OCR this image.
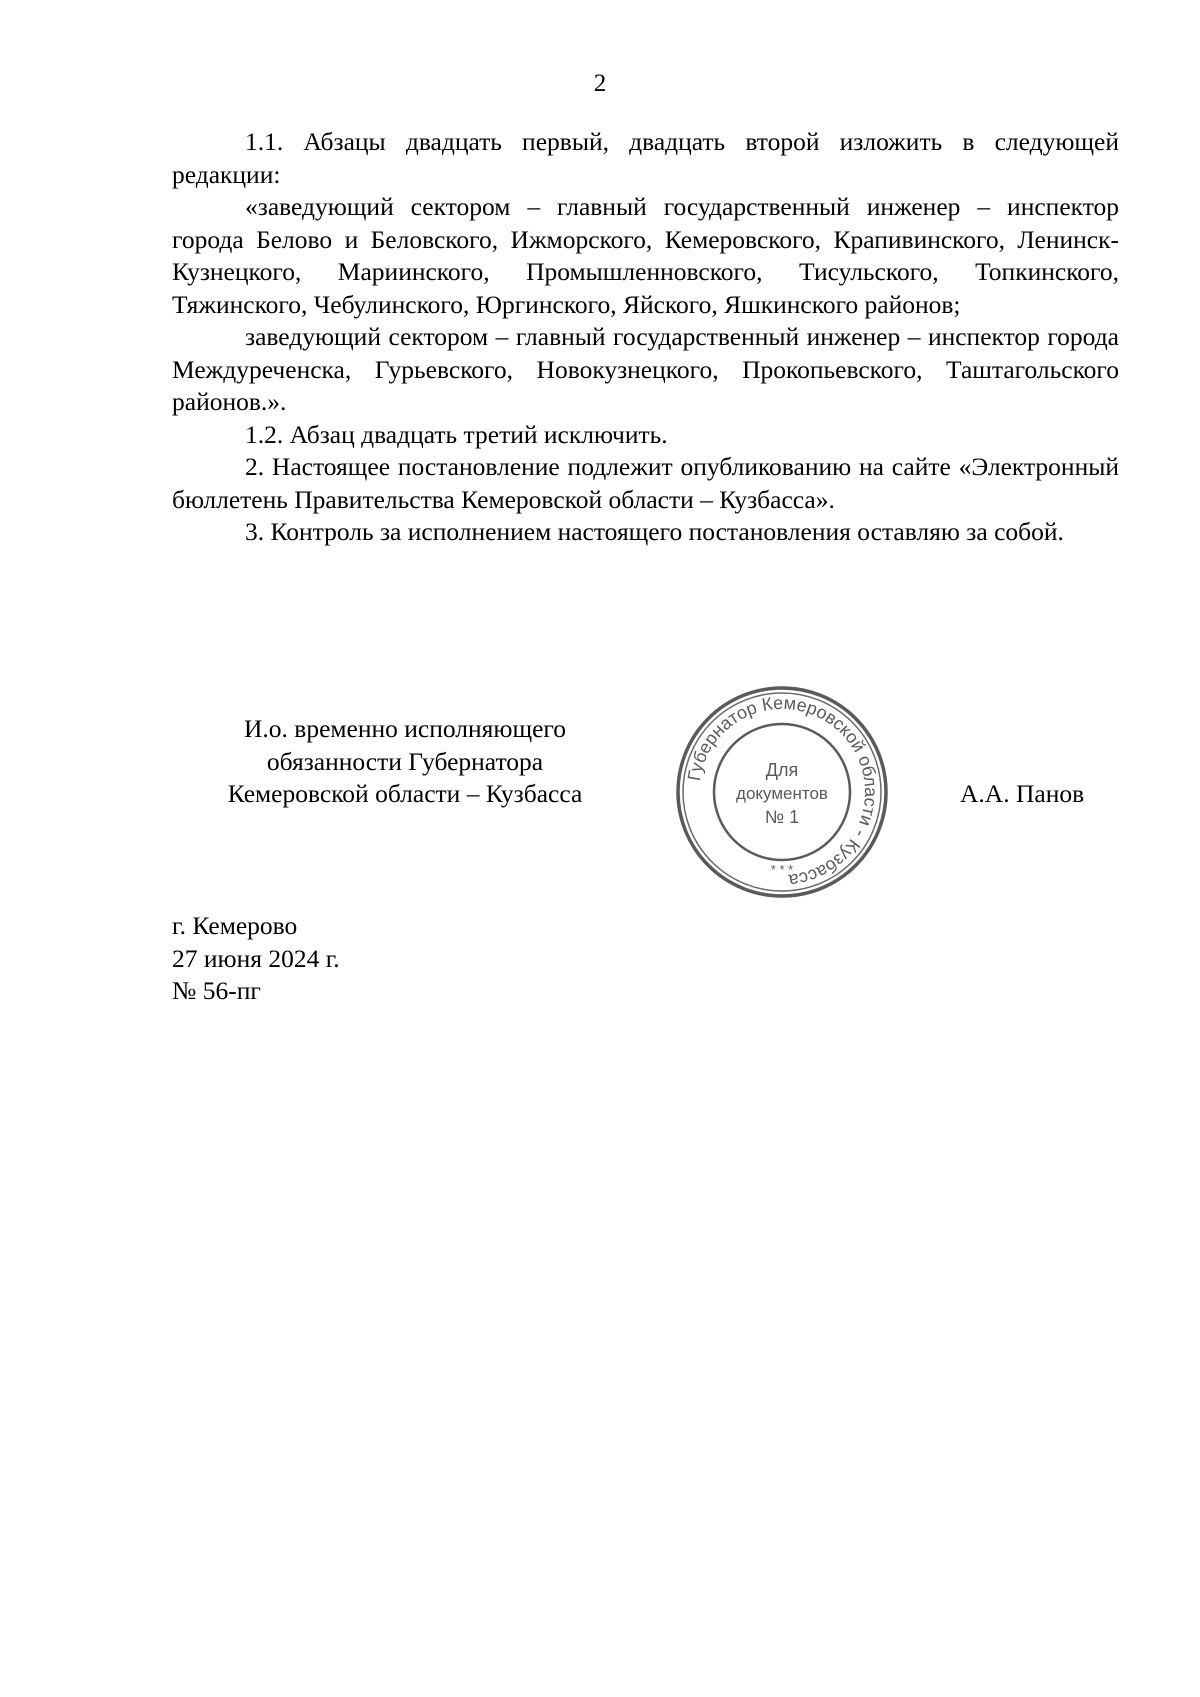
2

1.1. Абзацы двадцать первый, двадцать второй изложить в следующей редакции:

«заведующий сектором – главный государственный инженер – инспектор города Белово и Беловского, Ижморского, Кемеровского, Крапивинского, Ленинск-Кузнецкого, Мариинского, Промышленновского, Тисульского, Топкинского, Тяжинского, Чебулинского, Юргинского, Яйского, Яшкинского районов;

заведующий сектором – главный государственный инженер – инспектор города Междуреченска, Гурьевского, Новокузнецкого, Прокопьевского, Таштагольского районов.».

1.2. Абзац двадцать третий исключить.

2. Настоящее постановление подлежит опубликованию на сайте «Электронный бюллетень Правительства Кемеровской области – Кузбасса».

3. Контроль за исполнением настоящего постановления оставляю за собой.

И.о. временно исполняющего
обязанности Губернатора
Кемеровской области – Кузбасса
Губернатор Кемеровской области - Кузбасса
* * *
Для
документов
№ 1
А.А. Панов
г. Кемерово
27 июня 2024 г.
№ 56-пг
